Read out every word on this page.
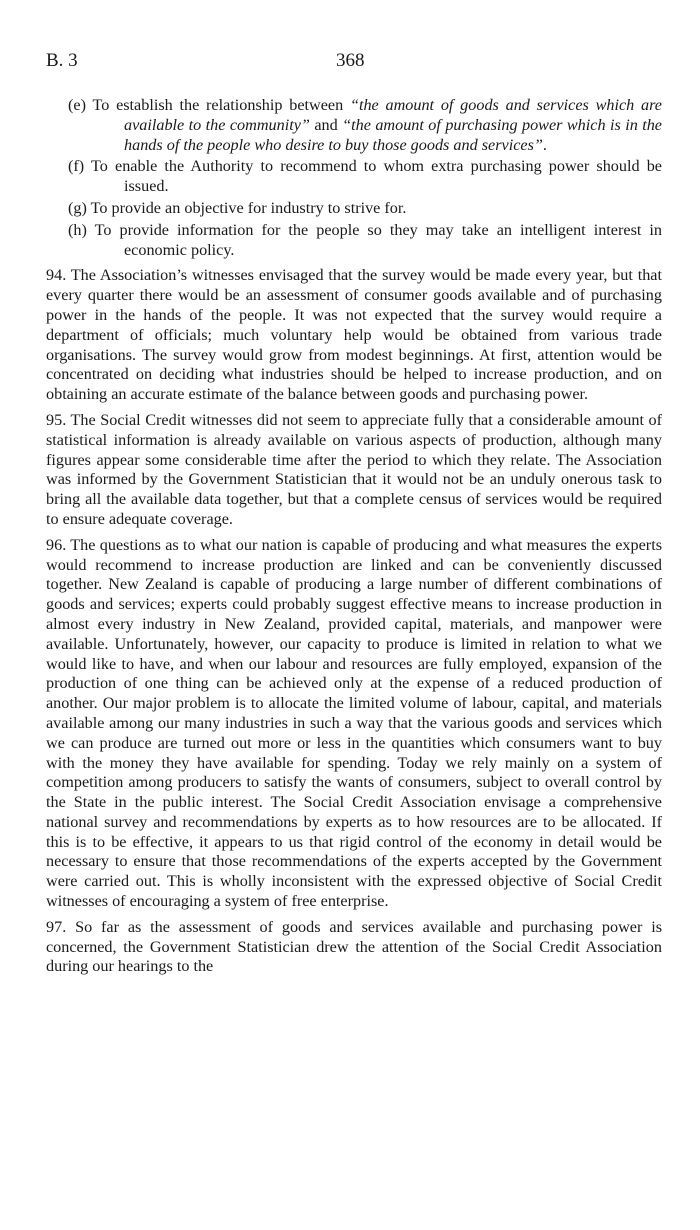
B. 3	368
(e) To establish the relationship between “the amount of goods and services which are available to the community” and “the amount of purchasing power which is in the hands of the people who desire to buy those goods and services”.
(f) To enable the Authority to recommend to whom extra purchasing power should be issued.
(g) To provide an objective for industry to strive for.
(h) To provide information for the people so they may take an intelligent interest in economic policy.

94. The Association’s witnesses envisaged that the survey would be made every year, but that every quarter there would be an assessment of consumer goods available and of purchasing power in the hands of the people. It was not expected that the survey would require a department of officials; much voluntary help would be obtained from various trade organisations. The survey would grow from modest beginnings. At first, attention would be concentrated on deciding what industries should be helped to increase production, and on obtaining an accurate estimate of the balance between goods and purchasing power.

95. The Social Credit witnesses did not seem to appreciate fully that a considerable amount of statistical information is already available on various aspects of production, although many figures appear some considerable time after the period to which they relate. The Association was informed by the Government Statistician that it would not be an unduly onerous task to bring all the available data together, but that a complete census of services would be required to ensure adequate coverage.

96. The questions as to what our nation is capable of producing and what measures the experts would recommend to increase production are linked and can be conveniently discussed together. New Zealand is capable of producing a large number of different combinations of goods and services; experts could probably suggest effective means to increase production in almost every industry in New Zealand, provided capital, materials, and manpower were available. Unfortunately, however, our capacity to produce is limited in relation to what we would like to have, and when our labour and resources are fully employed, expansion of the production of one thing can be achieved only at the expense of a reduced production of another. Our major problem is to allocate the limited volume of labour, capital, and materials available among our many industries in such a way that the various goods and services which we can produce are turned out more or less in the quantities which consumers want to buy with the money they have available for spending. Today we rely mainly on a system of competition among producers to satisfy the wants of consumers, subject to overall control by the State in the public interest. The Social Credit Association envisage a comprehensive national survey and recommendations by experts as to how resources are to be allocated. If this is to be effective, it appears to us that rigid control of the economy in detail would be necessary to ensure that those recommendations of the experts accepted by the Government were carried out. This is wholly inconsistent with the expressed objective of Social Credit witnesses of encouraging a system of free enterprise.

97. So far as the assessment of goods and services available and purchasing power is concerned, the Government Statistician drew the attention of the Social Credit Association during our hearings to the
